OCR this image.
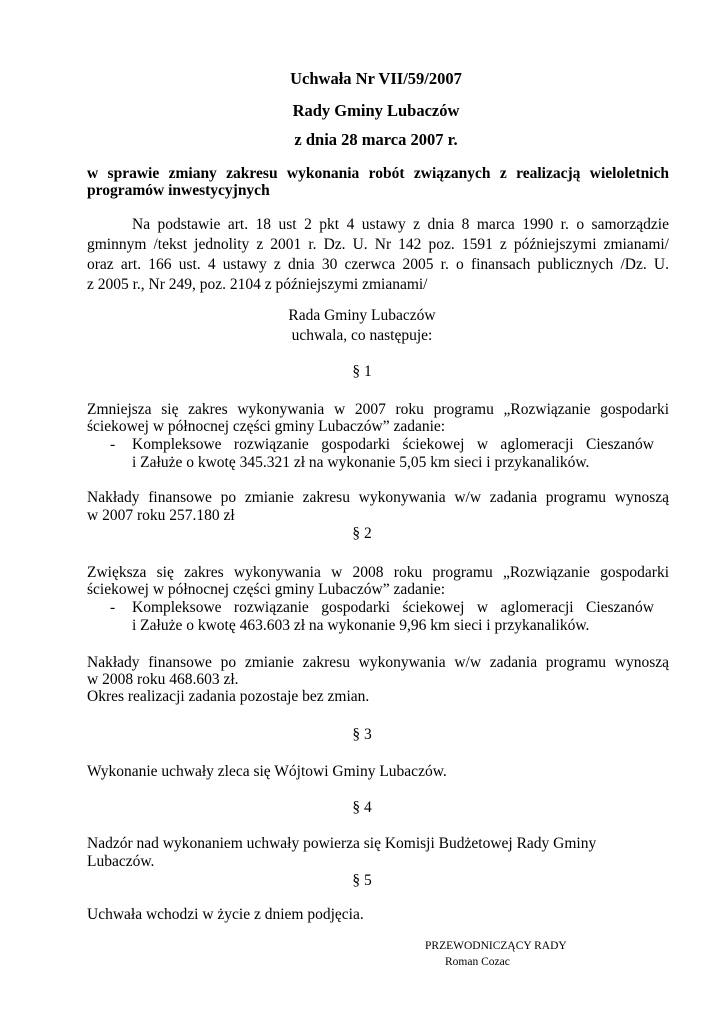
Uchwała Nr VII/59/2007
Rady Gminy Lubaczów
z dnia 28 marca 2007 r.
w sprawie zmiany zakresu wykonania robót związanych z realizacją wieloletnich
programów inwestycyjnych
Na podstawie art. 18 ust 2 pkt 4 ustawy z dnia 8 marca 1990 r. o samorządzie
gminnym /tekst jednolity z 2001 r. Dz. U. Nr 142 poz. 1591 z późniejszymi zmianami/
oraz art. 166 ust. 4 ustawy z dnia 30 czerwca 2005 r. o finansach publicznych /Dz. U.
z 2005 r., Nr 249, poz. 2104 z późniejszymi zmianami/
Rada Gminy Lubaczów
uchwala, co następuje:
§ 1
Zmniejsza się zakres wykonywania w 2007 roku programu „Rozwiązanie gospodarki
ściekowej w północnej części gminy Lubaczów” zadanie:
- Kompleksowe rozwiązanie gospodarki ściekowej w aglomeracji Cieszanów
i Załuże o kwotę 345.321 zł na wykonanie 5,05 km sieci i przykanalików.
Nakłady finansowe po zmianie zakresu wykonywania w/w zadania programu wynoszą
w 2007 roku 257.180 zł
§ 2
Zwiększa się zakres wykonywania w 2008 roku programu „Rozwiązanie gospodarki
ściekowej w północnej części gminy Lubaczów” zadanie:
- Kompleksowe rozwiązanie gospodarki ściekowej w aglomeracji Cieszanów
i Załuże o kwotę 463.603 zł na wykonanie 9,96 km sieci i przykanalików.
Nakłady finansowe po zmianie zakresu wykonywania w/w zadania programu wynoszą
w 2008 roku 468.603 zł.
Okres realizacji zadania pozostaje bez zmian.
§ 3
Wykonanie uchwały zleca się Wójtowi Gminy Lubaczów.
§ 4
Nadzór nad wykonaniem uchwały powierza się Komisji Budżetowej Rady Gminy
Lubaczów.
§ 5
Uchwała wchodzi w życie z dniem podjęcia.
PRZEWODNICZĄCY RADY
Roman Cozac
